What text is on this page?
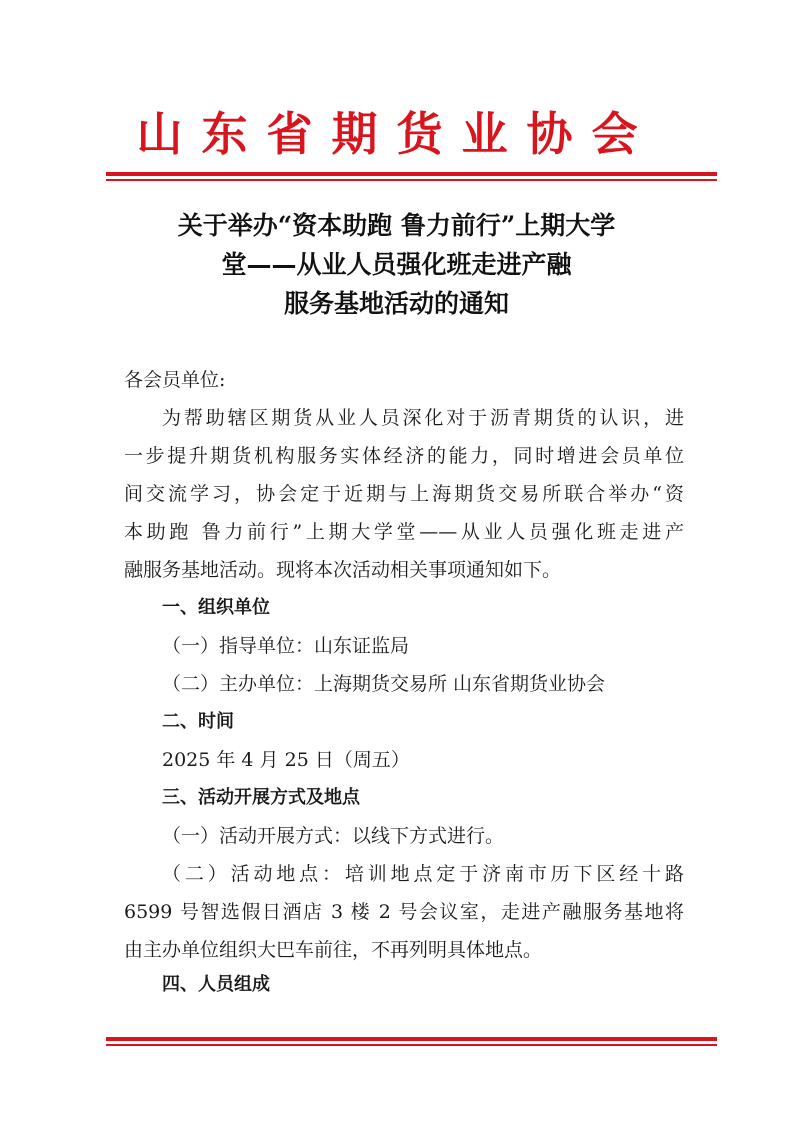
山东省期货业协会
关于举办“资本助跑 鲁力前行”上期大学
堂——从业人员强化班走进产融
服务基地活动的通知
各会员单位:
为帮助辖区期货从业人员深化对于沥青期货的认识，进
一步提升期货机构服务实体经济的能力，同时增进会员单位
间交流学习，协会定于近期与上海期货交易所联合举办“资
本助跑 鲁力前行”上期大学堂——从业人员强化班走进产
融服务基地活动。现将本次活动相关事项通知如下。
一、组织单位
（一）指导单位：山东证监局
（二）主办单位：上海期货交易所 山东省期货业协会
二、时间
2025 年 4 月 25 日（周五）
三、活动开展方式及地点
（一）活动开展方式：以线下方式进行。
（二）活动地点：培训地点定于济南市历下区经十路
6599 号智选假日酒店 3 楼 2 号会议室，走进产融服务基地将
由主办单位组织大巴车前往，不再列明具体地点。
四、人员组成
